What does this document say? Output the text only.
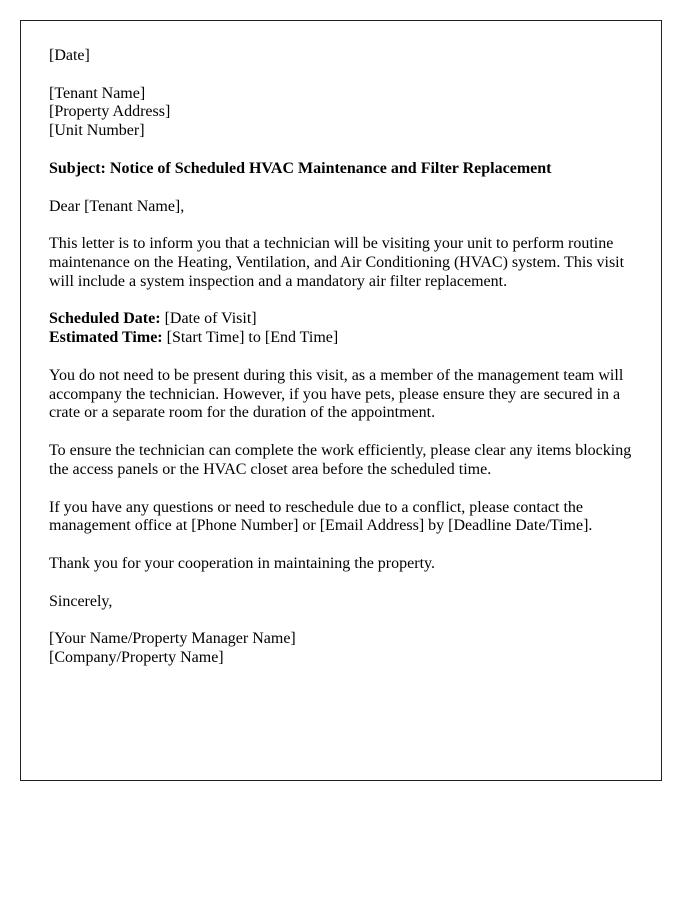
[Date]

[Tenant Name]
[Property Address]
[Unit Number]

Subject: Notice of Scheduled HVAC Maintenance and Filter Replacement

Dear [Tenant Name],

This letter is to inform you that a technician will be visiting your unit to perform routine maintenance on the Heating, Ventilation, and Air Conditioning (HVAC) system. This visit will include a system inspection and a mandatory air filter replacement.

Scheduled Date: [Date of Visit]
Estimated Time: [Start Time] to [End Time]

You do not need to be present during this visit, as a member of the management team will accompany the technician. However, if you have pets, please ensure they are secured in a crate or a separate room for the duration of the appointment.

To ensure the technician can complete the work efficiently, please clear any items blocking the access panels or the HVAC closet area before the scheduled time.

If you have any questions or need to reschedule due to a conflict, please contact the management office at [Phone Number] or [Email Address] by [Deadline Date/Time].

Thank you for your cooperation in maintaining the property.

Sincerely,

[Your Name/Property Manager Name]
[Company/Property Name]
